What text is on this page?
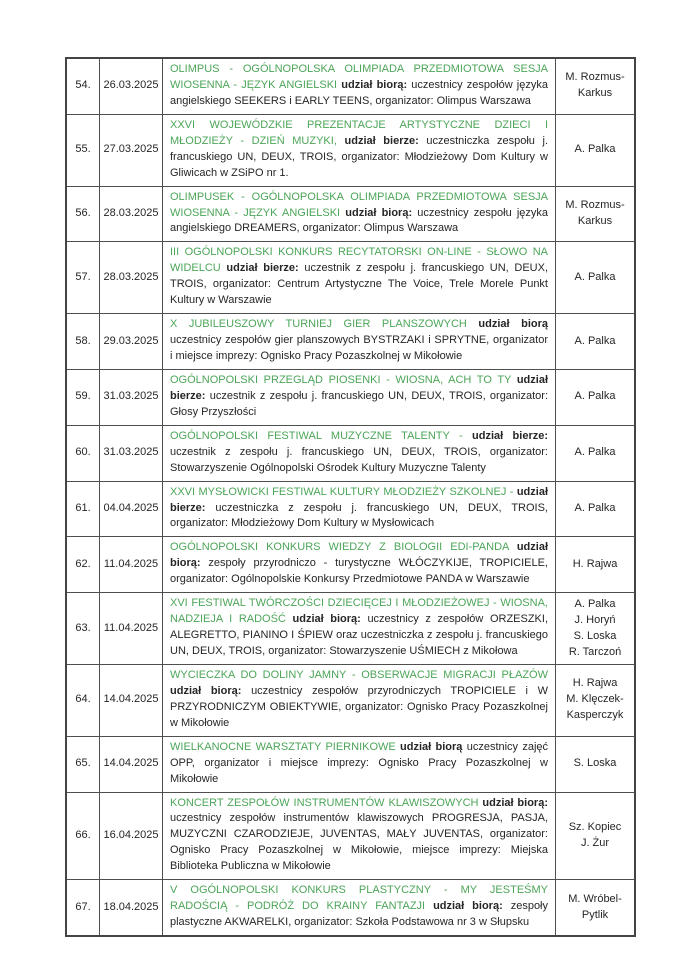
54.	26.03.2025	OLIMPUS - OGÓLNOPOLSKA OLIMPIADA PRZEDMIOTOWA SESJA WIOSENNA - JĘZYK ANGIELSKI udział biorą: uczestnicy zespołów języka angielskiego SEEKERS i EARLY TEENS, organizator: Olimpus Warszawa	M. Rozmus-Karkus

55.	27.03.2025	XXVI WOJEWÓDZKIE PREZENTACJE ARTYSTYCZNE DZIECI I MŁODZIEŻY - DZIEŃ MUZYKI, udział bierze: uczestniczka zespołu j. francuskiego UN, DEUX, TROIS, organizator: Młodzieżowy Dom Kultury w Gliwicach w ZSiPO nr 1.	A. Palka

56.	28.03.2025	OLIMPUSEK - OGÓLNOPOLSKA OLIMPIADA PRZEDMIOTOWA SESJA WIOSENNA - JĘZYK ANGIELSKI udział biorą: uczestnicy zespołu języka angielskiego DREAMERS, organizator: Olimpus Warszawa	M. Rozmus-Karkus

57.	28.03.2025	III OGÓLNOPOLSKI KONKURS RECYTATORSKI ON-LINE - SŁOWO NA WIDELCU udział bierze: uczestnik z zespołu j. francuskiego UN, DEUX, TROIS, organizator: Centrum Artystyczne The Voice, Trele Morele Punkt Kultury w Warszawie	A. Palka

58.	29.03.2025	X JUBILEUSZOWY TURNIEJ GIER PLANSZOWYCH udział biorą uczestnicy zespołów gier planszowych BYSTRZAKI i SPRYTNE, organizator i miejsce imprezy: Ognisko Pracy Pozaszkolnej w Mikołowie	A. Palka

59.	31.03.2025	OGÓLNOPOLSKI PRZEGLĄD PIOSENKI - WIOSNA, ACH TO TY udział bierze: uczestnik z zespołu j. francuskiego UN, DEUX, TROIS, organizator: Głosy Przyszłości	A. Palka

60.	31.03.2025	OGÓLNOPOLSKI FESTIWAL MUZYCZNE TALENTY - udział bierze: uczestnik z zespołu j. francuskiego UN, DEUX, TROIS, organizator: Stowarzyszenie Ogólnopolski Ośrodek Kultury Muzyczne Talenty	A. Palka

61.	04.04.2025	XXVI MYSŁOWICKI FESTIWAL KULTURY MŁODZIEŻY SZKOLNEJ - udział bierze: uczestniczka z zespołu j. francuskiego UN, DEUX, TROIS, organizator: Młodzieżowy Dom Kultury w Mysłowicach	A. Palka

62.	11.04.2025	OGÓLNOPOLSKI KONKURS WIEDZY Z BIOLOGII EDI-PANDA udział biorą: zespoły przyrodniczo - turystyczne WŁÓCZYKIJE, TROPICIELE, organizator: Ogólnopolskie Konkursy Przedmiotowe PANDA w Warszawie	H. Rajwa

63.	11.04.2025	XVI FESTIWAL TWÓRCZOŚCI DZIECIĘCEJ I MŁODZIEŻOWEJ - WIOSNA, NADZIEJA I RADOŚĆ udział biorą: uczestnicy z zespołów ORZESZKI, ALEGRETTO, PIANINO I ŚPIEW oraz uczestniczka z zespołu j. francuskiego UN, DEUX, TROIS, organizator: Stowarzyszenie UŚMIECH z Mikołowa	
A. Palka
J. Horyń
S. Loska
R. Tarczoń

64.	14.04.2025	WYCIECZKA DO DOLINY JAMNY - OBSERWACJE MIGRACJI PŁAZÓW udział biorą: uczestnicy zespołów przyrodniczych TROPICIELE i W PRZYRODNICZYM OBIEKTYWIE, organizator: Ognisko Pracy Pozaszkolnej w Mikołowie	H. Rajwa
M. Klęczek-Kasperczyk

65.	14.04.2025	WIELKANOCNE WARSZTATY PIERNIKOWE udział biorą uczestnicy zajęć OPP, organizator i miejsce imprezy: Ognisko Pracy Pozaszkolnej w Mikołowie	S. Loska

66.	16.04.2025	KONCERT ZESPOŁÓW INSTRUMENTÓW KLAWISZOWYCH udział biorą: uczestnicy zespołów instrumentów klawiszowych PROGRESJA, PASJA, MUZYCZNI CZARODZIEJE, JUVENTAS, MAŁY JUVENTAS, organizator: Ognisko Pracy Pozaszkolnej w Mikołowie, miejsce imprezy: Miejska Biblioteka Publiczna w Mikołowie	Sz. Kopiec
J. Żur

67.	18.04.2025	V OGÓLNOPOLSKI KONKURS PLASTYCZNY - MY JESTEŚMY RADOŚCIĄ - PODRÓŻ DO KRAINY FANTAZJI udział biorą: zespoły plastyczne AKWARELKI, organizator: Szkoła Podstawowa nr 3 w Słupsku	M. Wróbel-Pytlik
